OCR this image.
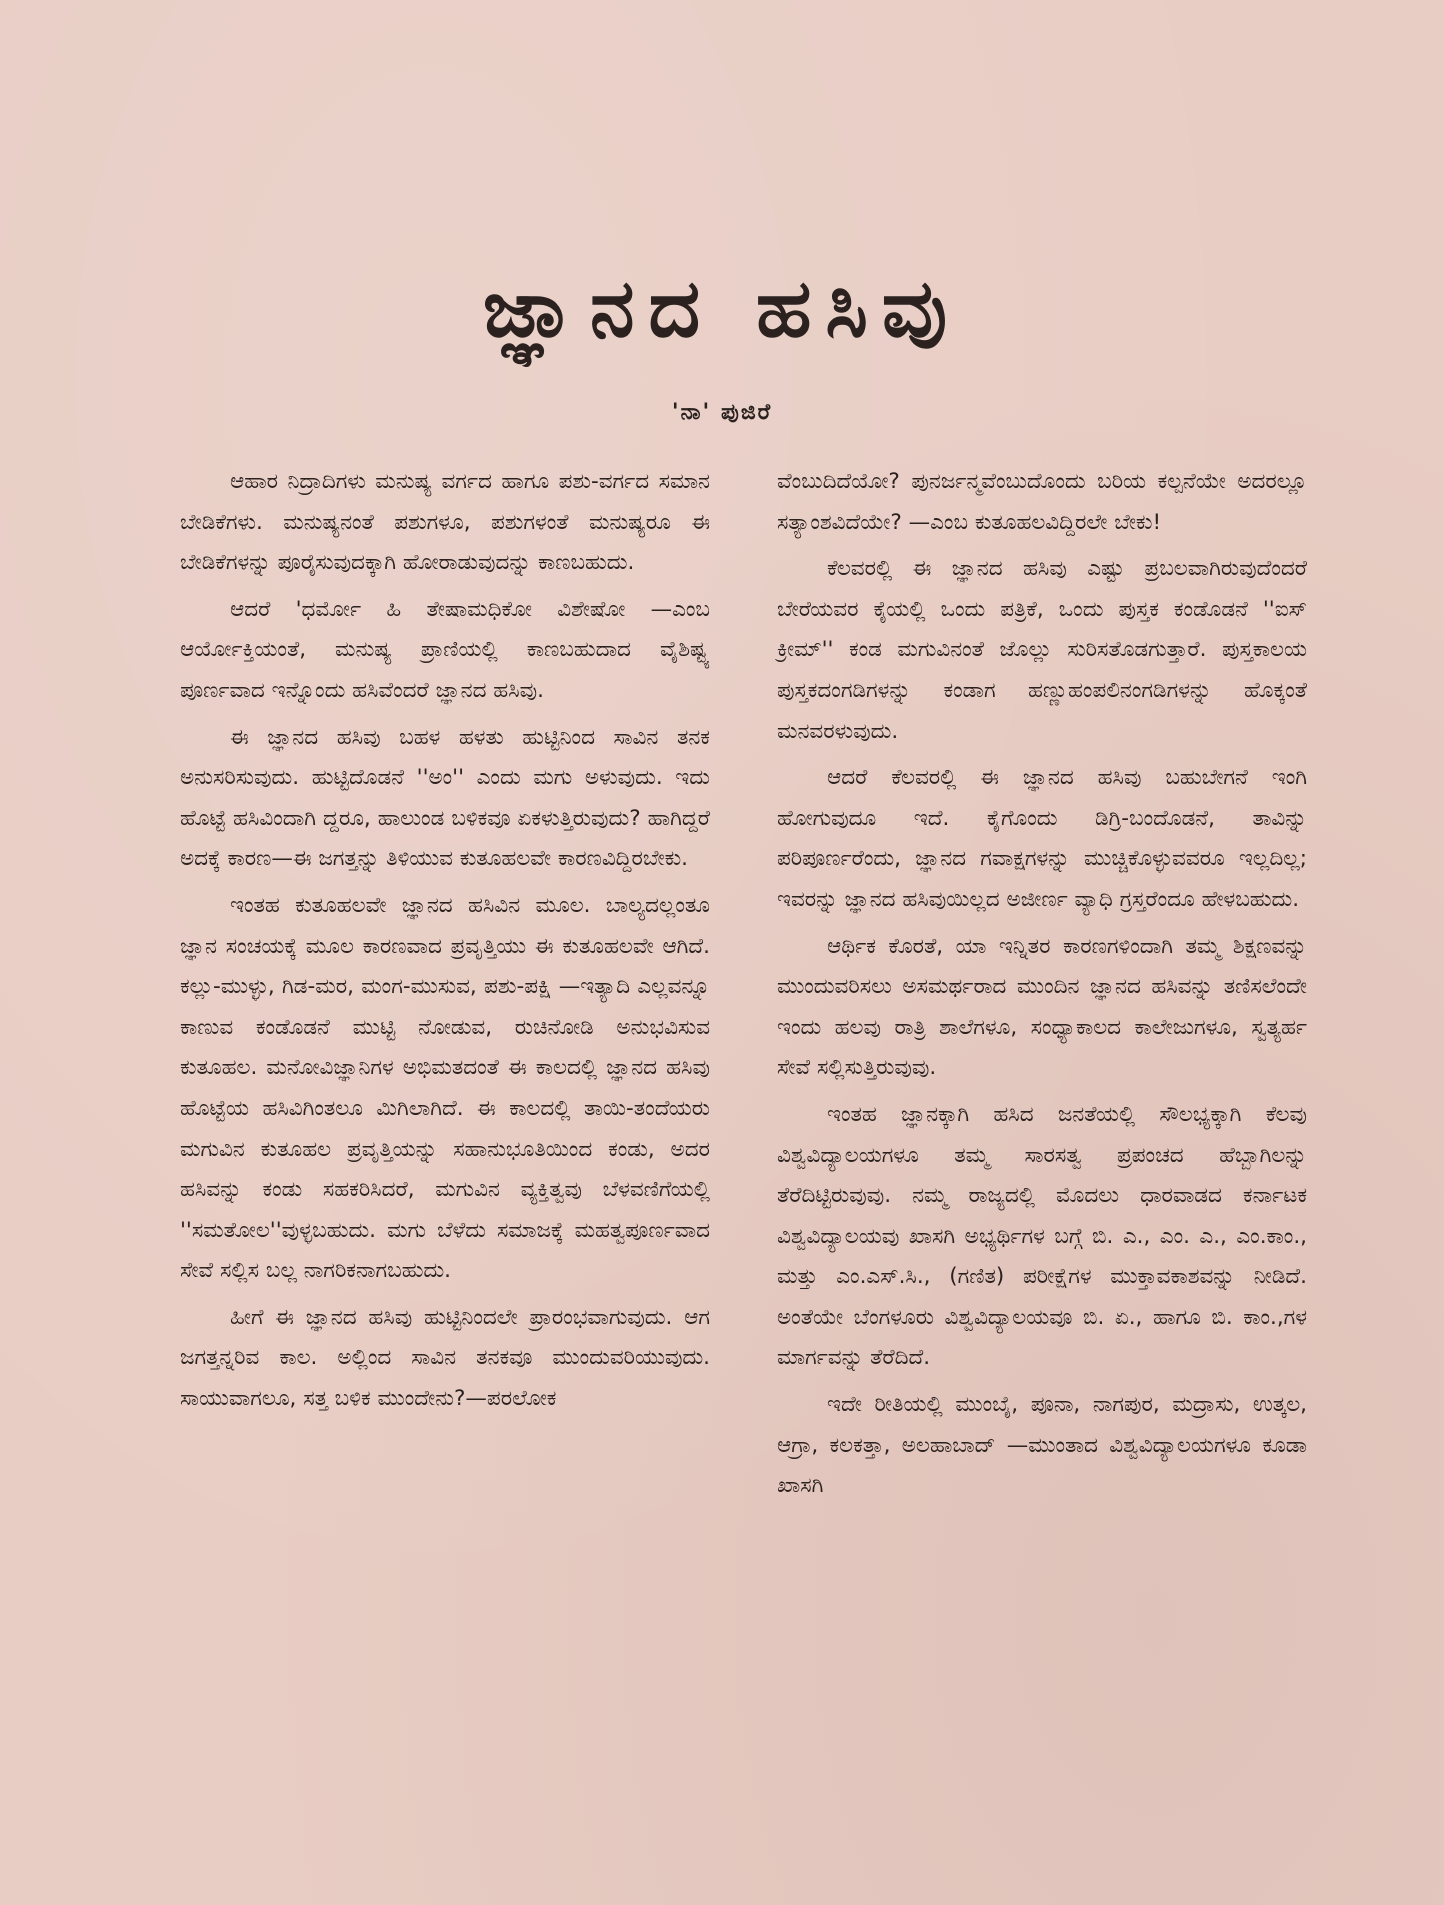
ಜ್ಞಾನದ ಹಸಿವು
'ನಾ' ಪುಜಿರೆ

ಆಹಾರ ನಿದ್ರಾದಿಗಳು ಮನುಷ್ಯ ವರ್ಗದ ಹಾಗೂ ಪಶು-ವರ್ಗದ ಸಮಾನ ಬೇಡಿಕೆಗಳು. ಮನುಷ್ಯನಂತೆ ಪಶುಗಳೂ, ಪಶುಗಳಂತೆ ಮನುಷ್ಯರೂ ಈ ಬೇಡಿಕೆಗಳನ್ನು ಪೂರೈಸುವುದಕ್ಕಾಗಿ ಹೋರಾಡುವುದನ್ನು ಕಾಣಬಹುದು.

ಆದರೆ 'ಧರ್ಮೋ ಹಿ ತೇಷಾಮಧಿಕೋ ವಿಶೇಷೋ —ಎಂಬ ಆರ್ಯೋಕ್ತಿಯಂತೆ, ಮನುಷ್ಯ ಪ್ರಾಣಿಯಲ್ಲಿ ಕಾಣಬಹುದಾದ ವೈಶಿಷ್ಟ್ಯ ಪೂರ್ಣವಾದ ಇನ್ನೊಂದು ಹಸಿವೆಂದರೆ ಜ್ಞಾನದ ಹಸಿವು.

ಈ ಜ್ಞಾನದ ಹಸಿವು ಬಹಳ ಹಳತು ಹುಟ್ಟಿನಿಂದ ಸಾವಿನ ತನಕ ಅನುಸರಿಸುವುದು. ಹುಟ್ಟಿದೊಡನೆ ''ಅಂ'' ಎಂದು ಮಗು ಅಳುವುದು. ಇದು ಹೊಟ್ಟೆ ಹಸಿವಿಂದಾಗಿ ದ್ದರೂ, ಹಾಲುಂಡ ಬಳಿಕವೂ ಏಕಳುತ್ತಿರುವುದು? ಹಾಗಿದ್ದರೆ ಅದಕ್ಕೆ ಕಾರಣ—ಈ ಜಗತ್ತನ್ನು ತಿಳಿಯುವ ಕುತೂಹಲವೇ ಕಾರಣವಿದ್ದಿರಬೇಕು.

ಇಂತಹ ಕುತೂಹಲವೇ ಜ್ಞಾನದ ಹಸಿವಿನ ಮೂಲ. ಬಾಲ್ಯದಲ್ಲಂತೂ ಜ್ಞಾನ ಸಂಚಯಕ್ಕೆ ಮೂಲ ಕಾರಣವಾದ ಪ್ರವೃತ್ತಿಯು ಈ ಕುತೂಹಲವೇ ಆಗಿದೆ. ಕಲ್ಲು-ಮುಳ್ಳು, ಗಿಡ-ಮರ, ಮಂಗ-ಮುಸುವ, ಪಶು-ಪಕ್ಷಿ —ಇತ್ಯಾದಿ ಎಲ್ಲವನ್ನೂ ಕಾಣುವ ಕಂಡೊಡನೆ ಮುಟ್ಟಿ ನೋಡುವ, ರುಚಿನೋಡಿ ಅನುಭವಿಸುವ ಕುತೂಹಲ. ಮನೋವಿಜ್ಞಾನಿಗಳ ಅಭಿಮತದಂತೆ ಈ ಕಾಲದಲ್ಲಿ ಜ್ಞಾನದ ಹಸಿವು ಹೊಟ್ಟೆಯ ಹಸಿವಿಗಿಂತಲೂ ಮಿಗಿಲಾಗಿದೆ. ಈ ಕಾಲದಲ್ಲಿ ತಾಯಿ-ತಂದೆಯರು ಮಗುವಿನ ಕುತೂಹಲ ಪ್ರವೃತ್ತಿಯನ್ನು ಸಹಾನುಭೂತಿಯಿಂದ ಕಂಡು, ಅದರ ಹಸಿವನ್ನು ಕಂಡು ಸಹಕರಿಸಿದರೆ, ಮಗುವಿನ ವ್ಯಕ್ತಿತ್ವವು ಬೆಳವಣಿಗೆಯಲ್ಲಿ ''ಸಮತೋಲ''ವುಳ್ಳಬಹುದು. ಮಗು ಬೆಳೆದು ಸಮಾಜಕ್ಕೆ ಮಹತ್ವಪೂರ್ಣವಾದ ಸೇವೆ ಸಲ್ಲಿಸ ಬಲ್ಲ ನಾಗರಿಕನಾಗಬಹುದು.

ಹೀಗೆ ಈ ಜ್ಞಾನದ ಹಸಿವು ಹುಟ್ಟಿನಿಂದಲೇ ಪ್ರಾರಂಭವಾಗುವುದು. ಆಗ ಜಗತ್ತನ್ನರಿವ ಕಾಲ. ಅಲ್ಲಿಂದ ಸಾವಿನ ತನಕವೂ ಮುಂದುವರಿಯುವುದು. ಸಾಯುವಾಗಲೂ, ಸತ್ತ ಬಳಿಕ ಮುಂದೇನು?—ಪರಲೋಕ

ವೆಂಬುದಿದೆಯೋ? ಪುನರ್ಜನ್ಮವೆಂಬುದೊಂದು ಬರಿಯ ಕಲ್ಪನೆಯೇ ಅದರಲ್ಲೂ ಸತ್ಯಾಂಶವಿದೆಯೇ? —ಎಂಬ ಕುತೂಹಲವಿದ್ದಿರಲೇ ಬೇಕು!

ಕೆಲವರಲ್ಲಿ ಈ ಜ್ಞಾನದ ಹಸಿವು ಎಷ್ಟು ಪ್ರಬಲವಾಗಿರುವುದೆಂದರೆ ಬೇರೆಯವರ ಕೈಯಲ್ಲಿ ಒಂದು ಪತ್ರಿಕೆ, ಒಂದು ಪುಸ್ತಕ ಕಂಡೊಡನೆ ''ಐಸ್ ಕ್ರೀಮ್'' ಕಂಡ ಮಗುವಿನಂತೆ ಜೊಲ್ಲು ಸುರಿಸತೊಡಗುತ್ತಾರೆ. ಪುಸ್ತಕಾಲಯ ಪುಸ್ತಕದಂಗಡಿಗಳನ್ನು ಕಂಡಾಗ ಹಣ್ಣುಹಂಪಲಿನಂಗಡಿಗಳನ್ನು ಹೊಕ್ಕಂತೆ ಮನವರಳುವುದು.

ಆದರೆ ಕೆಲವರಲ್ಲಿ ಈ ಜ್ಞಾನದ ಹಸಿವು ಬಹುಬೇಗನೆ ಇಂಗಿ ಹೋಗುವುದೂ ಇದೆ. ಕೈಗೊಂದು ಡಿಗ್ರಿ-ಬಂದೊಡನೆ, ತಾವಿನ್ನು ಪರಿಪೂರ್ಣರೆಂದು, ಜ್ಞಾನದ ಗವಾಕ್ಷಗಳನ್ನು ಮುಚ್ಚಿಕೊಳ್ಳುವವರೂ ಇಲ್ಲದಿಲ್ಲ; ಇವರನ್ನು ಜ್ಞಾನದ ಹಸಿವುಯಿಲ್ಲದ ಅಜೀರ್ಣ ವ್ಯಾಧಿ ಗ್ರಸ್ತರೆಂದೂ ಹೇಳಬಹುದು.

ಆರ್ಥಿಕ ಕೊರತೆ, ಯಾ ಇನ್ನಿತರ ಕಾರಣಗಳಿಂದಾಗಿ ತಮ್ಮ ಶಿಕ್ಷಣವನ್ನು ಮುಂದುವರಿಸಲು ಅಸಮರ್ಥರಾದ ಮುಂದಿನ ಜ್ಞಾನದ ಹಸಿವನ್ನು ತಣಿಸಲೆಂದೇ ಇಂದು ಹಲವು ರಾತ್ರಿ ಶಾಲೆಗಳೂ, ಸಂಧ್ಯಾಕಾಲದ ಕಾಲೇಜುಗಳೂ, ಸ್ವತ್ಯರ್ಹ ಸೇವೆ ಸಲ್ಲಿಸುತ್ತಿರುವುವು.

ಇಂತಹ ಜ್ಞಾನಕ್ಕಾಗಿ ಹಸಿದ ಜನತೆಯಲ್ಲಿ ಸೌಲಭ್ಯಕ್ಕಾಗಿ ಕೆಲವು ವಿಶ್ವವಿದ್ಯಾಲಯಗಳೂ ತಮ್ಮ ಸಾರಸತ್ವ ಪ್ರಪಂಚದ ಹೆಬ್ಬಾಗಿಲನ್ನು ತೆರೆದಿಟ್ಟಿರುವುವು. ನಮ್ಮ ರಾಜ್ಯದಲ್ಲಿ ಮೊದಲು ಧಾರವಾಡದ ಕರ್ನಾಟಕ ವಿಶ್ವವಿದ್ಯಾಲಯವು ಖಾಸಗಿ ಅಭ್ಯರ್ಥಿಗಳ ಬಗ್ಗೆ ಬಿ. ಎ., ಎಂ. ಎ., ಎಂ.ಕಾಂ., ಮತ್ತು ಎಂ.ಎಸ್.ಸಿ., (ಗಣಿತ) ಪರೀಕ್ಷೆಗಳ ಮುಕ್ತಾವಕಾಶವನ್ನು ನೀಡಿದೆ. ಅಂತೆಯೇ ಬೆಂಗಳೂರು ವಿಶ್ವವಿದ್ಯಾಲಯವೂ ಬಿ. ಏ., ಹಾಗೂ ಬಿ. ಕಾಂ.,ಗಳ ಮಾರ್ಗವನ್ನು ತೆರೆದಿದೆ.

ಇದೇ ರೀತಿಯಲ್ಲಿ ಮುಂಬೈ, ಪೂನಾ, ನಾಗಪುರ, ಮದ್ರಾಸು, ಉತ್ಕಲ, ಆಗ್ರಾ, ಕಲಕತ್ತಾ, ಅಲಹಾಬಾದ್ —ಮುಂತಾದ ವಿಶ್ವವಿದ್ಯಾಲಯಗಳೂ ಕೂಡಾ ಖಾಸಗಿ
